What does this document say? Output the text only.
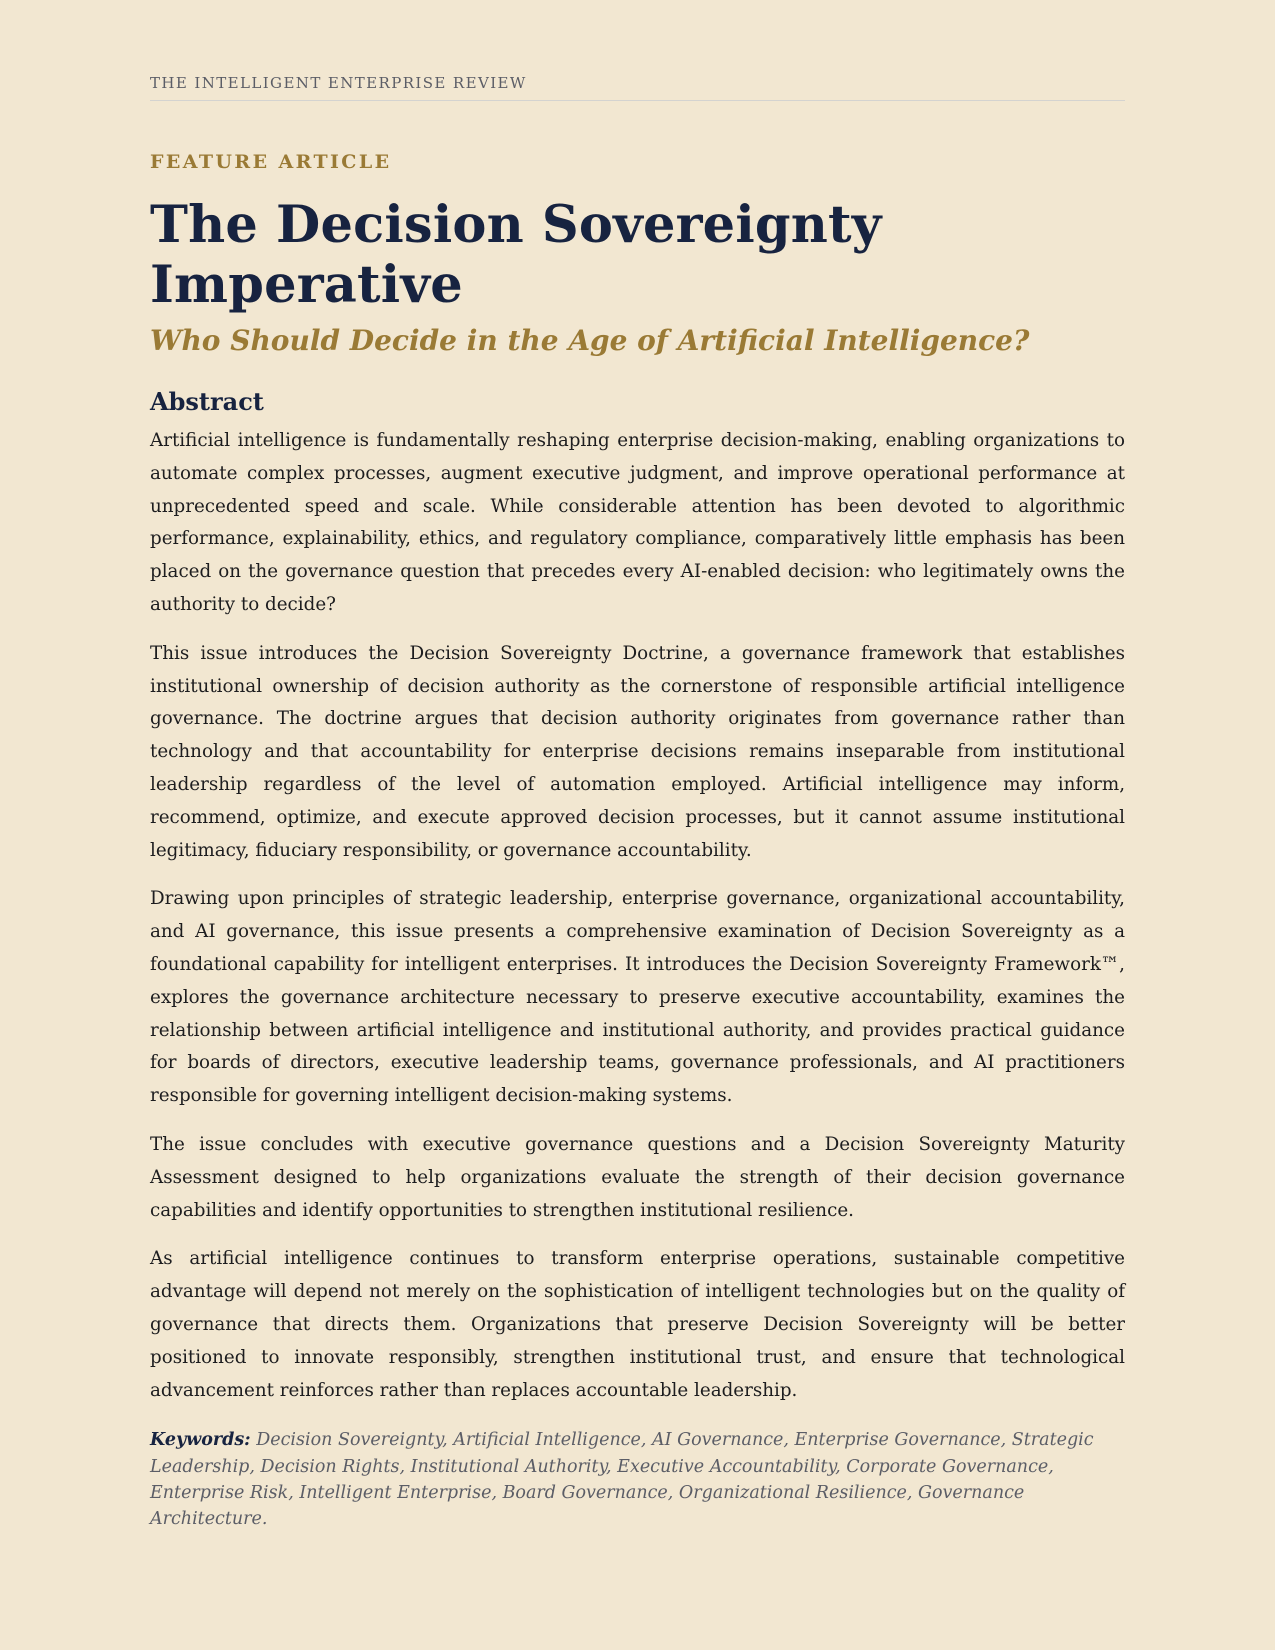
THE INTELLIGENT ENTERPRISE REVIEW
FEATURE ARTICLE
The Decision Sovereignty Imperative
Who Should Decide in the Age of Artificial Intelligence?
Abstract

Artificial intelligence is fundamentally reshaping enterprise decision-making, enabling organizations to automate complex processes, augment executive judgment, and improve operational performance at unprecedented speed and scale. While considerable attention has been devoted to algorithmic performance, explainability, ethics, and regulatory compliance, comparatively little emphasis has been placed on the governance question that precedes every AI-enabled decision: who legitimately owns the authority to decide?

This issue introduces the Decision Sovereignty Doctrine, a governance framework that establishes institutional ownership of decision authority as the cornerstone of responsible artificial intelligence governance. The doctrine argues that decision authority originates from governance rather than technology and that accountability for enterprise decisions remains inseparable from institutional leadership regardless of the level of automation employed. Artificial intelligence may inform, recommend, optimize, and execute approved decision processes, but it cannot assume institutional legitimacy, fiduciary responsibility, or governance accountability.

Drawing upon principles of strategic leadership, enterprise governance, organizational accountability, and AI governance, this issue presents a comprehensive examination of Decision Sovereignty as a foundational capability for intelligent enterprises. It introduces the Decision Sovereignty Framework™, explores the governance architecture necessary to preserve executive accountability, examines the relationship between artificial intelligence and institutional authority, and provides practical guidance for boards of directors, executive leadership teams, governance professionals, and AI practitioners responsible for governing intelligent decision-making systems.

The issue concludes with executive governance questions and a Decision Sovereignty Maturity Assessment designed to help organizations evaluate the strength of their decision governance capabilities and identify opportunities to strengthen institutional resilience.

As artificial intelligence continues to transform enterprise operations, sustainable competitive advantage will depend not merely on the sophistication of intelligent technologies but on the quality of governance that directs them. Organizations that preserve Decision Sovereignty will be better positioned to innovate responsibly, strengthen institutional trust, and ensure that technological advancement reinforces rather than replaces accountable leadership.

Keywords: Decision Sovereignty, Artificial Intelligence, AI Governance, Enterprise Governance, Strategic Leadership, Decision Rights, Institutional Authority, Executive Accountability, Corporate Governance, Enterprise Risk, Intelligent Enterprise, Board Governance, Organizational Resilience, Governance Architecture.
